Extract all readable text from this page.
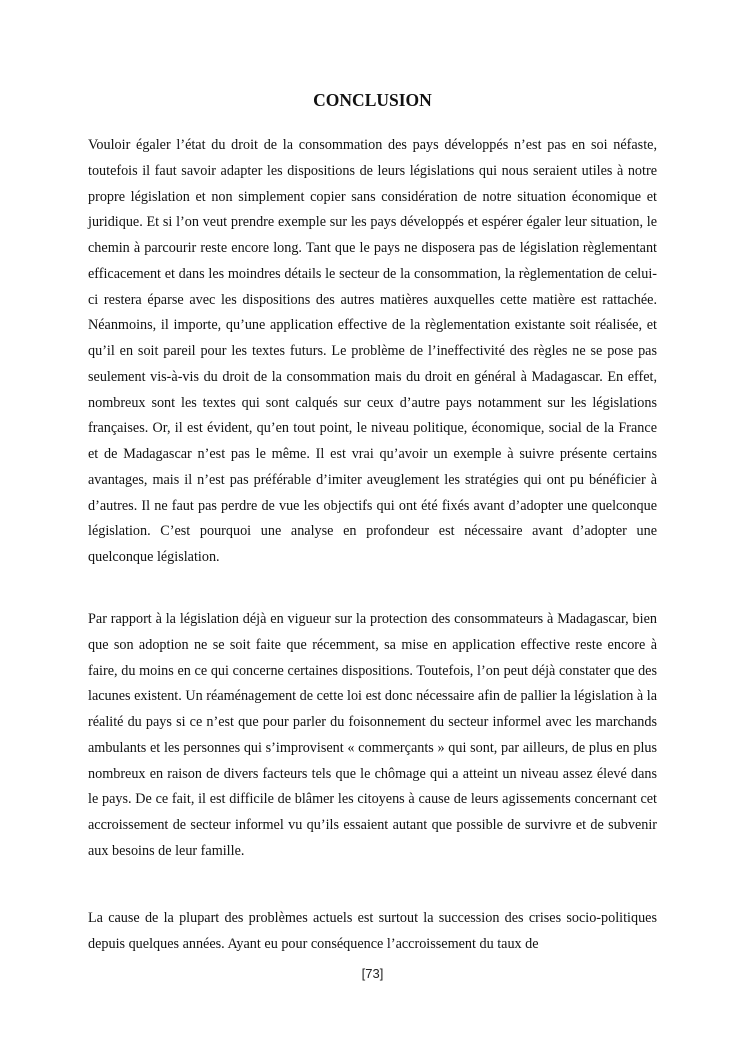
CONCLUSION

Vouloir égaler l’état du droit de la consommation des pays développés n’est pas en soi néfaste, toutefois il faut savoir adapter les dispositions de leurs législations qui nous seraient utiles à notre propre législation et non simplement copier sans considération de notre situation économique et juridique. Et si l’on veut prendre exemple sur les pays développés et espérer égaler leur situation, le chemin à parcourir reste encore long. Tant que le pays ne disposera pas de législation règlementant efficacement et dans les moindres détails le secteur de la consommation, la règlementation de celui-ci restera éparse avec les dispositions des autres matières auxquelles cette matière est rattachée. Néanmoins, il importe, qu’une application effective de la règlementation existante soit réalisée, et qu’il en soit pareil pour les textes futurs. Le problème de l’ineffectivité des règles ne se pose pas seulement vis-à-vis du droit de la consommation mais du droit en général à Madagascar. En effet, nombreux sont les textes qui sont calqués sur ceux d’autre pays notamment sur les législations françaises. Or, il est évident, qu’en tout point, le niveau politique, économique, social de la France et de Madagascar n’est pas le même. Il est vrai qu’avoir un exemple à suivre présente certains avantages, mais il n’est pas préférable d’imiter aveuglement les stratégies qui ont pu bénéficier à d’autres. Il ne faut pas perdre de vue les objectifs qui ont été fixés avant d’adopter une quelconque législation. C’est pourquoi une analyse en profondeur est nécessaire avant d’adopter une quelconque législation.

Par rapport à la législation déjà en vigueur sur la protection des consommateurs à Madagascar, bien que son adoption ne se soit faite que récemment, sa mise en application effective reste encore à faire, du moins en ce qui concerne certaines dispositions. Toutefois, l’on peut déjà constater que des lacunes existent. Un réaménagement de cette loi est donc nécessaire afin de pallier la législation à la réalité du pays si ce n’est que pour parler du foisonnement du secteur informel avec les marchands ambulants et les personnes qui s’improvisent « commerçants » qui sont, par ailleurs, de plus en plus nombreux en raison de divers facteurs tels que le chômage qui a atteint un niveau assez élevé dans le pays. De ce fait, il est difficile de blâmer les citoyens à cause de leurs agissements concernant cet accroissement de secteur informel vu qu’ils essaient autant que possible de survivre et de subvenir aux besoins de leur famille.

La cause de la plupart des problèmes actuels est surtout la succession des crises socio-politiques depuis quelques années. Ayant eu pour conséquence l’accroissement du taux de

[73]
